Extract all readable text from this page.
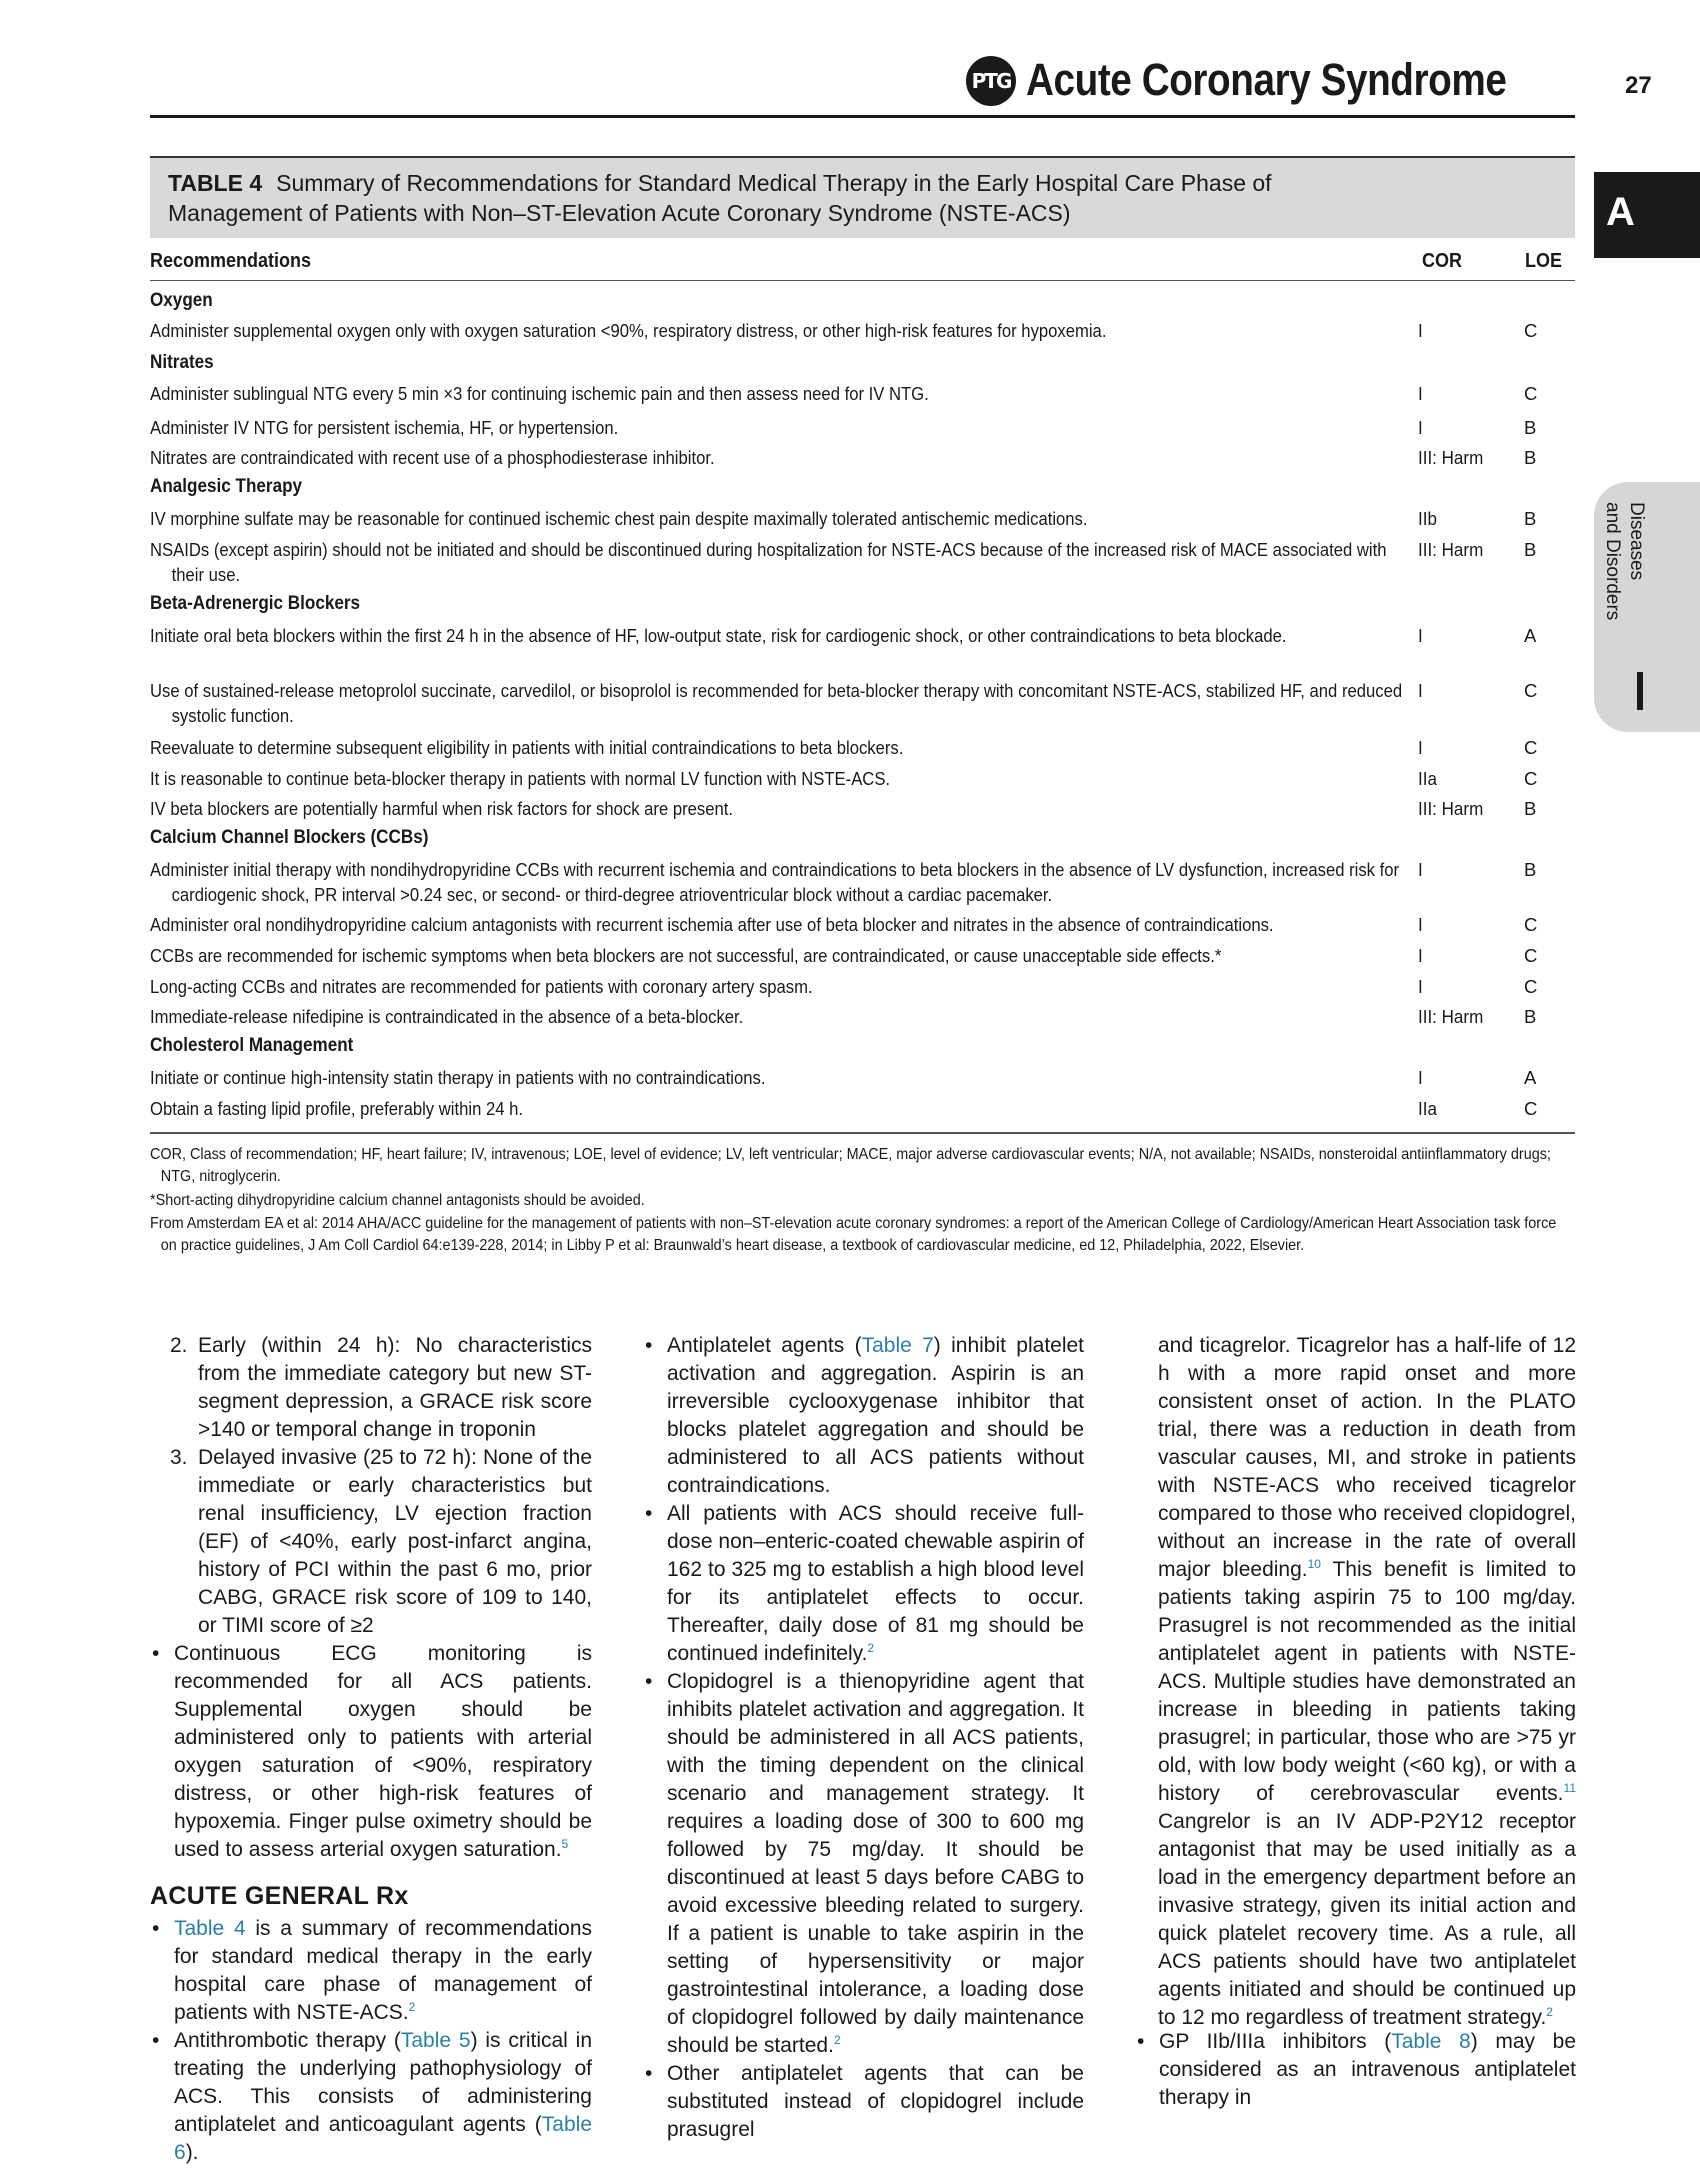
PTG Acute Coronary Syndrome	27
A
Diseases
and Disorders
TABLE 4 Summary of Recommendations for Standard Medical Therapy in the Early Hospital Care Phase of
Management of Patients with Non–ST-Elevation Acute Coronary Syndrome (NSTE-ACS)
Recommendations	COR	LOE
Oxygen
Administer supplemental oxygen only with oxygen saturation <90%, respiratory distress, or other high-risk features for hypoxemia.	I	C
Nitrates
Administer sublingual NTG every 5 min ×3 for continuing ischemic pain and then assess need for IV NTG.	I	C
Administer IV NTG for persistent ischemia, HF, or hypertension.	I	B
Nitrates are contraindicated with recent use of a phosphodiesterase inhibitor.	III: Harm B
Analgesic Therapy
IV morphine sulfate may be reasonable for continued ischemic chest pain despite maximally tolerated antischemic medications.	IIb	B
NSAIDs (except aspirin) should not be initiated and should be discontinued during hospitalization for NSTE-ACS because of the increased risk of MACE associated with their use.
III: Harm B
Beta-Adrenergic Blockers
Initiate oral beta blockers within the first 24 h in the absence of HF, low-output state, risk for cardiogenic shock, or other contraindications to beta blockade.	I	A
Use of sustained-release metoprolol succinate, carvedilol, or bisoprolol is recommended for beta-blocker therapy with concomitant NSTE-ACS, stabilized HF, and reduced systolic function.
I	C
Reevaluate to determine subsequent eligibility in patients with initial contraindications to beta blockers.	I	C
It is reasonable to continue beta-blocker therapy in patients with normal LV function with NSTE-ACS.	IIa	C
IV beta blockers are potentially harmful when risk factors for shock are present.	III: Harm B
Calcium Channel Blockers (CCBs)
Administer initial therapy with nondihydropyridine CCBs with recurrent ischemia and contraindications to beta blockers in the absence of LV dysfunction, increased risk for cardiogenic shock, PR interval >0.24 sec, or second- or third-degree atrioventricular block without a cardiac pacemaker.
I	B
Administer oral nondihydropyridine calcium antagonists with recurrent ischemia after use of beta blocker and nitrates in the absence of contraindications.	I	C
CCBs are recommended for ischemic symptoms when beta blockers are not successful, are contraindicated, or cause unacceptable side effects.*	I	C
Long-acting CCBs and nitrates are recommended for patients with coronary artery spasm.	I	C
Immediate-release nifedipine is contraindicated in the absence of a beta-blocker.	III: Harm B
Cholesterol Management
Initiate or continue high-intensity statin therapy in patients with no contraindications.	I	A
Obtain a fasting lipid profile, preferably within 24 h.	IIa	C
COR, Class of recommendation; HF, heart failure; IV, intravenous; LOE, level of evidence; LV, left ventricular; MACE, major adverse cardiovascular events; N/A, not available; NSAIDs, nonsteroidal antiinflammatory drugs; NTG, nitroglycerin.
*Short-acting dihydropyridine calcium channel antagonists should be avoided.
From Amsterdam EA et al: 2014 AHA/ACC guideline for the management of patients with non–ST-elevation acute coronary syndromes: a report of the American College of Cardiology/American Heart Association task force on practice guidelines, J Am Coll Cardiol 64:e139-228, 2014; in Libby P et al: Braunwald’s heart disease, a textbook of cardiovascular medicine, ed 12, Philadelphia, 2022, Elsevier.
2. Early (within 24 h): No characteristics from the immediate category but new ST-segment depression, a GRACE risk score >140 or temporal change in troponin
3. Delayed invasive (25 to 72 h): None of the immediate or early characteristics but renal insufficiency, LV ejection fraction (EF) of <40%, early post-infarct angina, history of PCI within the past 6 mo, prior CABG, GRACE risk score of 109 to 140, or TIMI score of ≥2
• Continuous ECG monitoring is recommended for all ACS patients. Supplemental oxygen should be administered only to patients with arterial oxygen saturation of <90%, respiratory distress, or other high-risk features of hypoxemia. Finger pulse oximetry should be used to assess arterial oxygen saturation.$^5$
ACUTE GENERAL Rx
• Table 4 is a summary of recommendations for standard medical therapy in the early hospital care phase of management of patients with NSTE-ACS.$^2$
• Antithrombotic therapy (Table 5) is critical in treating the underlying pathophysiology of ACS. This consists of administering antiplatelet and anticoagulant agents (Table 6).
• Antiplatelet agents (Table 7) inhibit platelet activation and aggregation. Aspirin is an irreversible cyclooxygenase inhibitor that blocks platelet aggregation and should be administered to all ACS patients without contraindications.
• All patients with ACS should receive full-dose non–enteric-coated chewable aspirin of 162 to 325 mg to establish a high blood level for its antiplatelet effects to occur. Thereafter, daily dose of 81 mg should be continued indefinitely.$^2$
• Clopidogrel is a thienopyridine agent that inhibits platelet activation and aggregation. It should be administered in all ACS patients, with the timing dependent on the clinical scenario and management strategy. It requires a loading dose of 300 to 600 mg followed by 75 mg/day. It should be discontinued at least 5 days before CABG to avoid excessive bleeding related to surgery. If a patient is unable to take aspirin in the setting of hypersensitivity or major gastrointestinal intolerance, a loading dose of clopidogrel followed by daily maintenance should be started.$^2$
• Other antiplatelet agents that can be substituted instead of clopidogrel include prasugrel

and ticagrelor. Ticagrelor has a half-life of 12 h with a more rapid onset and more consistent onset of action. In the PLATO trial, there was a reduction in death from vascular causes, MI, and stroke in patients with NSTE-ACS who received ticagrelor compared to those who received clopidogrel, without an increase in the rate of overall major bleeding.$^{10}$ This benefit is limited to patients taking aspirin 75 to 100 mg/day. Prasugrel is not recommended as the initial antiplatelet agent in patients with NSTE-ACS. Multiple studies have demonstrated an increase in bleeding in patients taking prasugrel; in particular, those who are >75 yr old, with low body weight (<60 kg), or with a history of cerebrovascular events.$^{11}$ Cangrelor is an IV ADP-P2Y12 receptor antagonist that may be used initially as a load in the emergency department before an invasive strategy, given its initial action and quick platelet recovery time. As a rule, all ACS patients should have two antiplatelet agents initiated and should be continued up to 12 mo regardless of treatment strategy.$^2$

• GP IIb/IIIa inhibitors (Table 8) may be considered as an intravenous antiplatelet therapy in
